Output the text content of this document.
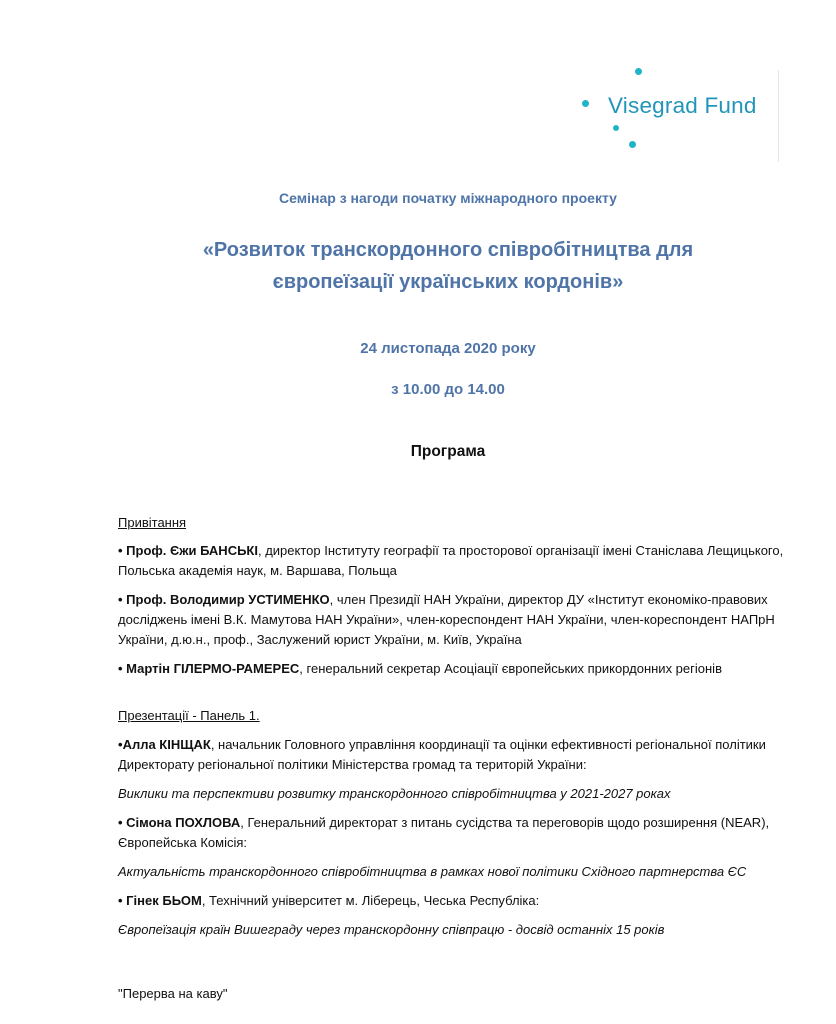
Visegrad Fund
Семінар з нагоди початку міжнародного проекту
«Розвиток транскордонного співробітництва для
європеїзації українських кордонів»
24 листопада 2020 року
з 10.00 до 14.00
Програма
Привітання

• Проф. Єжи БАНСЬКІ, директор Інституту географії та просторової організації імені Станіслава Лещицького, Польська академія наук, м. Варшава, Польща

• Проф. Володимир УСТИМЕНКО, член Президії НАН України, директор ДУ «Інститут економіко-правових досліджень імені В.К. Мамутова НАН України», член-кореспондент НАН України, член-кореспондент НАПрН України, д.ю.н., проф., Заслужений юрист України, м. Київ, Україна

• Мартін ГІЛЕРМО-РАМЕРЕС, генеральний секретар Асоціації європейських прикордонних регіонів

Презентації - Панель 1.

•Алла КІНЩАК, начальник Головного управління координації та оцінки ефективності регіональної політики Директорату регіональної політики Міністерства громад та територій України:

Виклики та перспективи розвитку транскордонного співробітництва у 2021-2027 роках

• Сімона ПОХЛОВА, Генеральний директорат з питань сусідства та переговорів щодо розширення (NEAR), Європейська Комісія:

Актуальність транскордонного співробітництва в рамках нової політики Східного партнерства ЄС

• Гінек БЬОМ, Технічний університет м. Ліберець, Чеська Республіка:

Європеїзація країн Вишеграду через транскордонну співпрацю - досвід останніх 15 років

"Перерва на каву"
